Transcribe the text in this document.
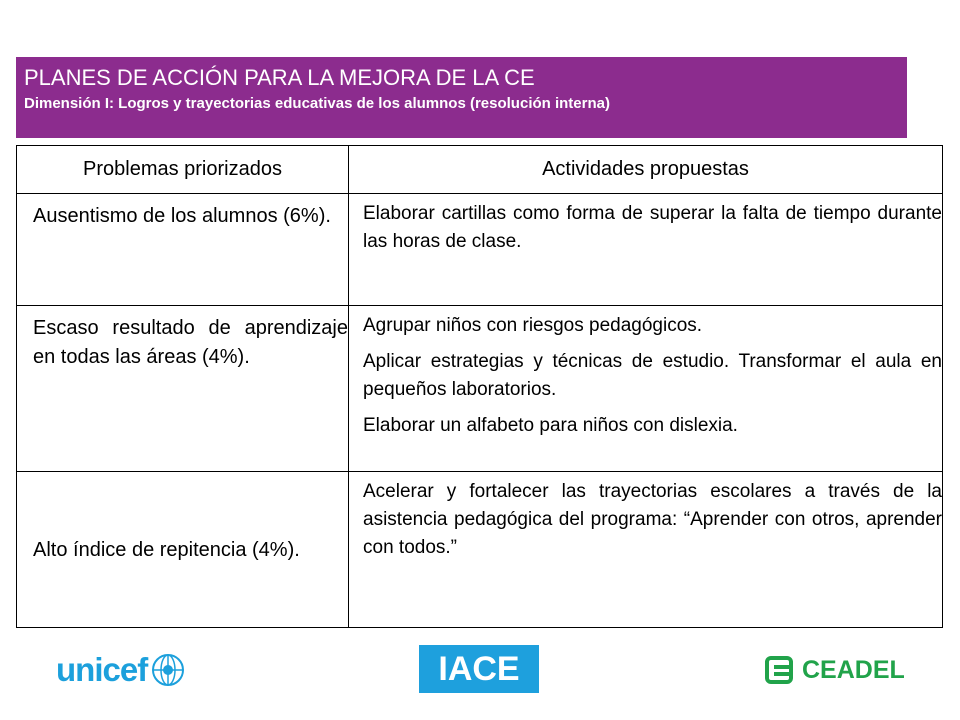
PLANES DE ACCIÓN PARA LA MEJORA DE LA CE
Dimensión I: Logros y trayectorias educativas de los alumnos (resolución interna)
Problemas priorizados	Actividades propuestas
Ausentismo de los alumnos (6%).	Elaborar cartillas como forma de superar la falta de tiempo durante las horas de clase.

Escaso resultado de aprendizaje en todas las áreas (4%).	Agrupar niños con riesgos pedagógicos.

Aplicar estrategias y técnicas de estudio. Transformar el aula en pequeños laboratorios.

Elaborar un alfabeto para niños con dislexia.

Alto índice de repitencia (4%).	Acelerar y fortalecer las trayectorias escolares a través de la asistencia pedagógica del programa: “Aprender con otros, aprender con todos.”

unicef	IACE	CEADEL
